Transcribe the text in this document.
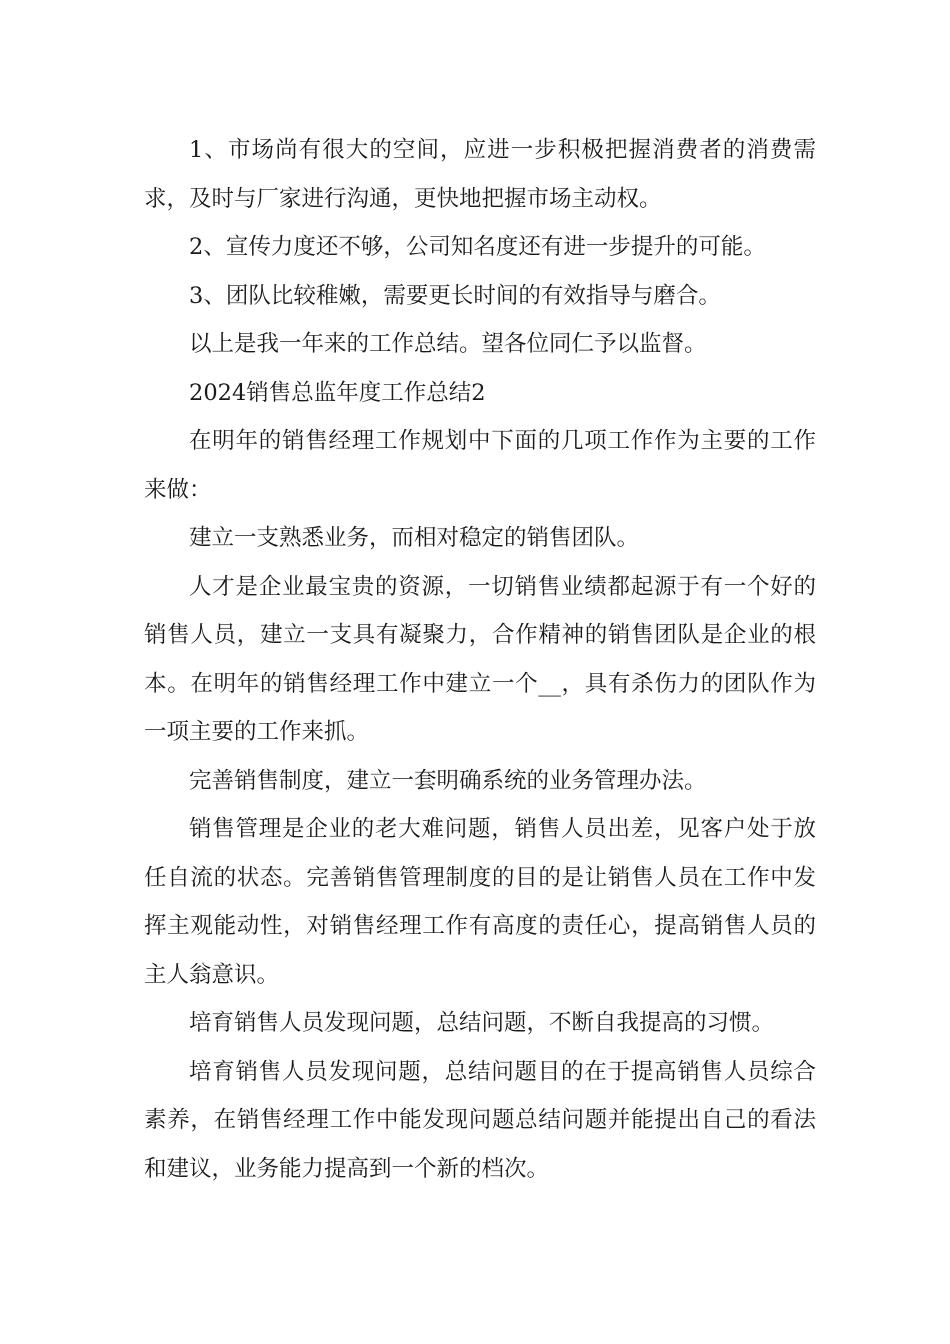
1、市场尚有很大的空间，应进一步积极把握消费者的消费需求，及时与厂家进行沟通，更快地把握市场主动权。

2、宣传力度还不够，公司知名度还有进一步提升的可能。

3、团队比较稚嫩，需要更长时间的有效指导与磨合。

以上是我一年来的工作总结。望各位同仁予以监督。

2024销售总监年度工作总结2

在明年的销售经理工作规划中下面的几项工作作为主要的工作来做：

建立一支熟悉业务，而相对稳定的销售团队。

人才是企业最宝贵的资源，一切销售业绩都起源于有一个好的销售人员，建立一支具有凝聚力，合作精神的销售团队是企业的根本。在明年的销售经理工作中建立一个__，具有杀伤力的团队作为一项主要的工作来抓。

完善销售制度，建立一套明确系统的业务管理办法。

销售管理是企业的老大难问题，销售人员出差，见客户处于放任自流的状态。完善销售管理制度的目的是让销售人员在工作中发挥主观能动性，对销售经理工作有高度的责任心，提高销售人员的主人翁意识。

培育销售人员发现问题，总结问题，不断自我提高的习惯。

培育销售人员发现问题，总结问题目的在于提高销售人员综合素养，在销售经理工作中能发现问题总结问题并能提出自己的看法和建议，业务能力提高到一个新的档次。
